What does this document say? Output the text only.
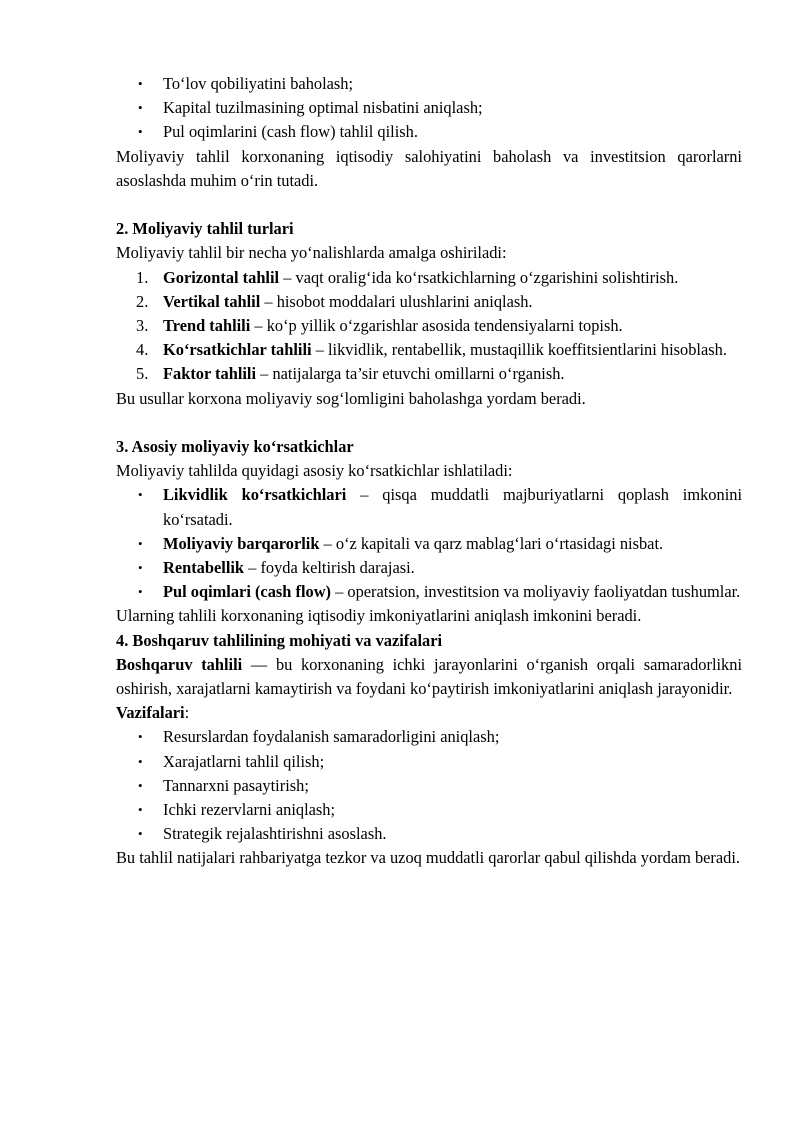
• To‘lov qobiliyatini baholash;
• Kapital tuzilmasining optimal nisbatini aniqlash;
• Pul oqimlarini (cash flow) tahlil qilish.

Moliyaviy tahlil korxonaning iqtisodiy salohiyatini baholash va investitsion qarorlarni asoslashda muhim o‘rin tutadi.

2. Moliyaviy tahlil turlari

Moliyaviy tahlil bir necha yo‘nalishlarda amalga oshiriladi:

1. Gorizontal tahlil – vaqt oralig‘ida ko‘rsatkichlarning o‘zgarishini solishtirish.
2. Vertikal tahlil – hisobot moddalari ulushlarini aniqlash.
3. Trend tahlili – ko‘p yillik o‘zgarishlar asosida tendensiyalarni topish.
4. Ko‘rsatkichlar tahlili – likvidlik, rentabellik, mustaqillik koeffitsientlarini hisoblash.
5. Faktor tahlili – natijalarga ta’sir etuvchi omillarni o‘rganish.

Bu usullar korxona moliyaviy sog‘lomligini baholashga yordam beradi.

3. Asosiy moliyaviy ko‘rsatkichlar

Moliyaviy tahlilda quyidagi asosiy ko‘rsatkichlar ishlatiladi:

• Likvidlik ko‘rsatkichlari – qisqa muddatli majburiyatlarni qoplash imkonini ko‘rsatadi.
• Moliyaviy barqarorlik – o‘z kapitali va qarz mablag‘lari o‘rtasidagi nisbat.
• Rentabellik – foyda keltirish darajasi.
• Pul oqimlari (cash flow) – operatsion, investitsion va moliyaviy faoliyatdan tushumlar.

Ularning tahlili korxonaning iqtisodiy imkoniyatlarini aniqlash imkonini beradi.

4. Boshqaruv tahlilining mohiyati va vazifalari

Boshqaruv tahlili — bu korxonaning ichki jarayonlarini o‘rganish orqali samaradorlikni oshirish, xarajatlarni kamaytirish va foydani ko‘paytirish imkoniyatlarini aniqlash jarayonidir.

Vazifalari:

• Resurslardan foydalanish samaradorligini aniqlash;
• Xarajatlarni tahlil qilish;
• Tannarxni pasaytirish;
• Ichki rezervlarni aniqlash;
• Strategik rejalashtirishni asoslash.

Bu tahlil natijalari rahbariyatga tezkor va uzoq muddatli qarorlar qabul qilishda yordam beradi.
